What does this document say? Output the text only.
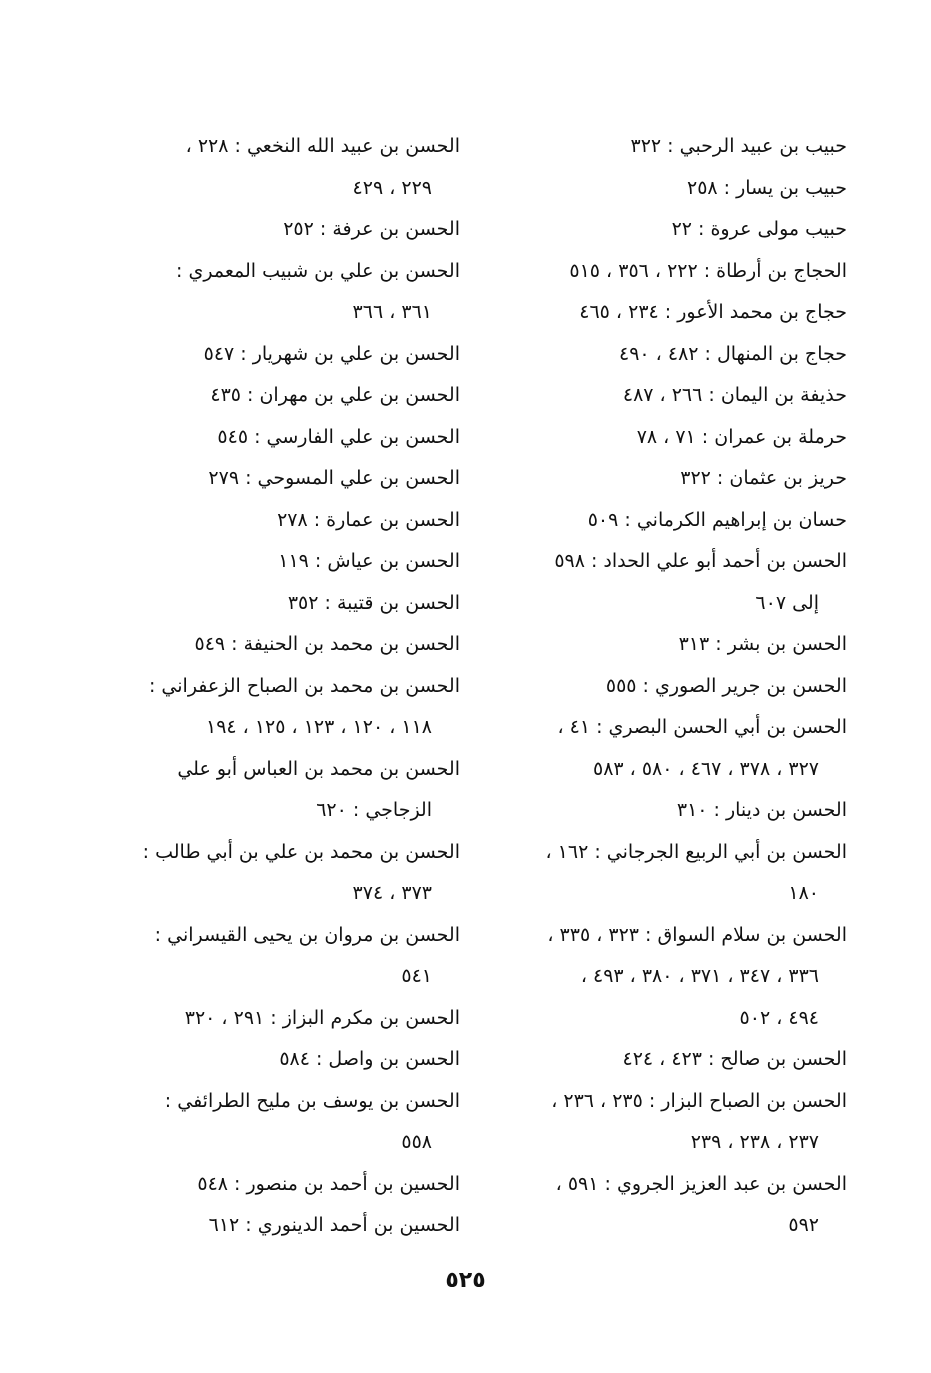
حبيب بن عبيد الرحبي : ٣٢٢
حبيب بن يسار : ٢٥٨
حبيب مولى عروة : ٢٢
الحجاج بن أرطاة : ٢٢٢ ، ٣٥٦ ، ٥١٥
حجاج بن محمد الأعور : ٢٣٤ ، ٤٦٥
حجاج بن المنهال : ٤٨٢ ، ٤٩٠
حذيفة بن اليمان : ٢٦٦ ، ٤٨٧
حرملة بن عمران : ٧١ ، ٧٨
حريز بن عثمان : ٣٢٢
حسان بن إبراهيم الكرماني : ٥٠٩
الحسن بن أحمد أبو علي الحداد : ٥٩٨
إلى ٦٠٧
الحسن بن بشر : ٣١٣
الحسن بن جرير الصوري : ٥٥٥
الحسن بن أبي الحسن البصري : ٤١ ،
٣٢٧ ، ٣٧٨ ، ٤٦٧ ، ٥٨٠ ، ٥٨٣
الحسن بن دينار : ٣١٠
الحسن بن أبي الربيع الجرجاني : ١٦٢ ،
١٨٠
الحسن بن سلام السواق : ٣٢٣ ، ٣٣٥ ،
٣٣٦ ، ٣٤٧ ، ٣٧١ ، ٣٨٠ ، ٤٩٣ ،
٤٩٤ ، ٥٠٢
الحسن بن صالح : ٤٢٣ ، ٤٢٤
الحسن بن الصباح البزار : ٢٣٥ ، ٢٣٦ ،
٢٣٧ ، ٢٣٨ ، ٢٣٩
الحسن بن عبد العزيز الجروي : ٥٩١ ،
٥٩٢
الحسن بن عبيد الله النخعي : ٢٢٨ ،
٢٢٩ ، ٤٢٩
الحسن بن عرفة : ٢٥٢
الحسن بن علي بن شبيب المعمري :
٣٦١ ، ٣٦٦
الحسن بن علي بن شهريار : ٥٤٧
الحسن بن علي بن مهران : ٤٣٥
الحسن بن علي الفارسي : ٥٤٥
الحسن بن علي المسوحي : ٢٧٩
الحسن بن عمارة : ٢٧٨
الحسن بن عياش : ١١٩
الحسن بن قتيبة : ٣٥٢
الحسن بن محمد بن الحنيفة : ٥٤٩
الحسن بن محمد بن الصباح الزعفراني :
١١٨ ، ١٢٠ ، ١٢٣ ، ١٢٥ ، ١٩٤
الحسن بن محمد بن العباس أبو علي
الزجاجي : ٦٢٠
الحسن بن محمد بن علي بن أبي طالب :
٣٧٣ ، ٣٧٤
الحسن بن مروان بن يحيى القيسراني :
٥٤١
الحسن بن مكرم البزاز : ٢٩١ ، ٣٢٠
الحسن بن واصل : ٥٨٤
الحسن بن يوسف بن مليح الطرائفي :
٥٥٨
الحسين بن أحمد بن منصور : ٥٤٨
الحسين بن أحمد الدينوري : ٦١٢
٥٢٥
